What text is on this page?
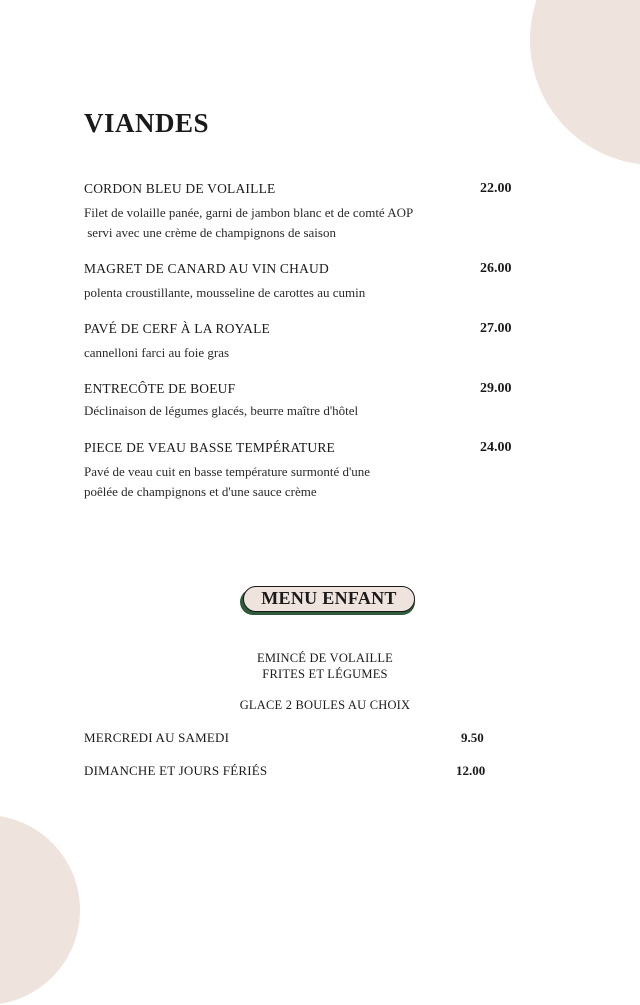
VIANDES
CORDON BLEU DE VOLAILLE	22.00
Filet de volaille panée, garni de jambon blanc et de comté AOP
servi avec une crème de champignons de saison
MAGRET DE CANARD AU VIN CHAUD	26.00
polenta croustillante, mousseline de carottes au cumin
PAVÉ DE CERF À LA ROYALE	27.00
cannelloni farci au foie gras
ENTRECÔTE DE BOEUF	29.00
Déclinaison de légumes glacés, beurre maître d'hôtel
PIECE DE VEAU BASSE TEMPÉRATURE	24.00
Pavé de veau cuit en basse température surmonté d'une
poêlée de champignons et d'une sauce crème
MENU ENFANT
EMINCÉ DE VOLAILLE
FRITES ET LÉGUMES
GLACE 2 BOULES AU CHOIX
MERCREDI AU SAMEDI	9.50
DIMANCHE ET JOURS FÉRIÉS	12.00
